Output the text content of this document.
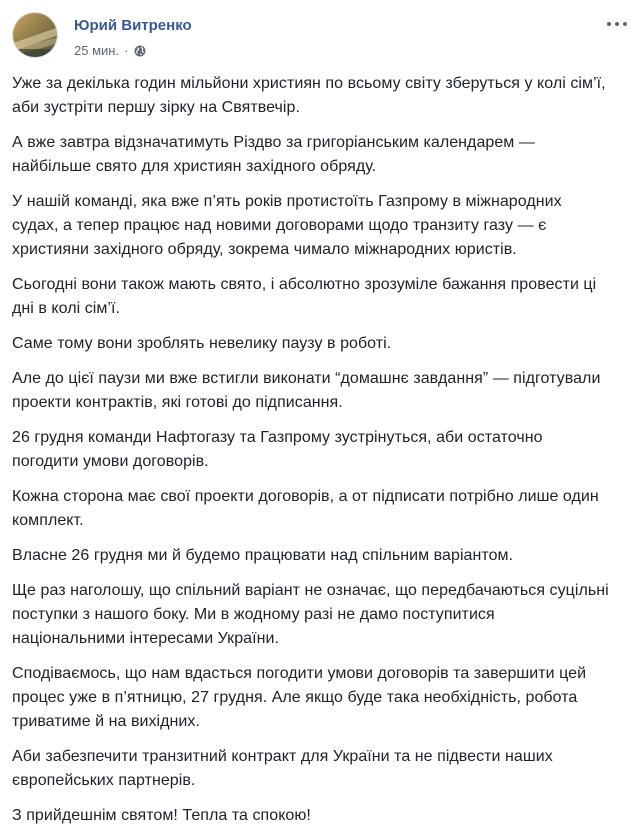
Юрий Витренко
25 мин. ·

Уже за декілька годин мільйони християн по всьому світу зберуться у колі сім’ї, аби зустріти першу зірку на Святвечір.

А вже завтра відзначатимуть Різдво за григоріанським календарем — найбільше свято для християн західного обряду.

У нашій команді, яка вже п’ять років протистоїть Газпрому в міжнародних судах, а тепер працює над новими договорами щодо транзиту газу — є християни західного обряду, зокрема чимало міжнародних юристів.

Сьогодні вони також мають свято, і абсолютно зрозуміле бажання провести ці дні в колі сім’ї.

Саме тому вони зроблять невелику паузу в роботі.

Але до цієї паузи ми вже встигли виконати “домашнє завдання” — підготували проекти контрактів, які готові до підписання.

26 грудня команди Нафтогазу та Газпрому зустрінуться, аби остаточно погодити умови договорів.

Кожна сторона має свої проекти договорів, а от підписати потрібно лише один комплект.

Власне 26 грудня ми й будемо працювати над спільним варіантом.

Ще раз наголошу, що спільний варіант не означає, що передбачаються суцільні поступки з нашого боку. Ми в жодному разі не дамо поступитися національними інтересами України.

Сподіваємось, що нам вдасться погодити умови договорів та завершити цей процес уже в п’ятницю, 27 грудня. Але якщо буде така необхідність, робота триватиме й на вихідних.

Аби забезпечити транзитний контракт для України та не підвести наших європейських партнерів.

З прийдешнім святом! Тепла та спокою!
